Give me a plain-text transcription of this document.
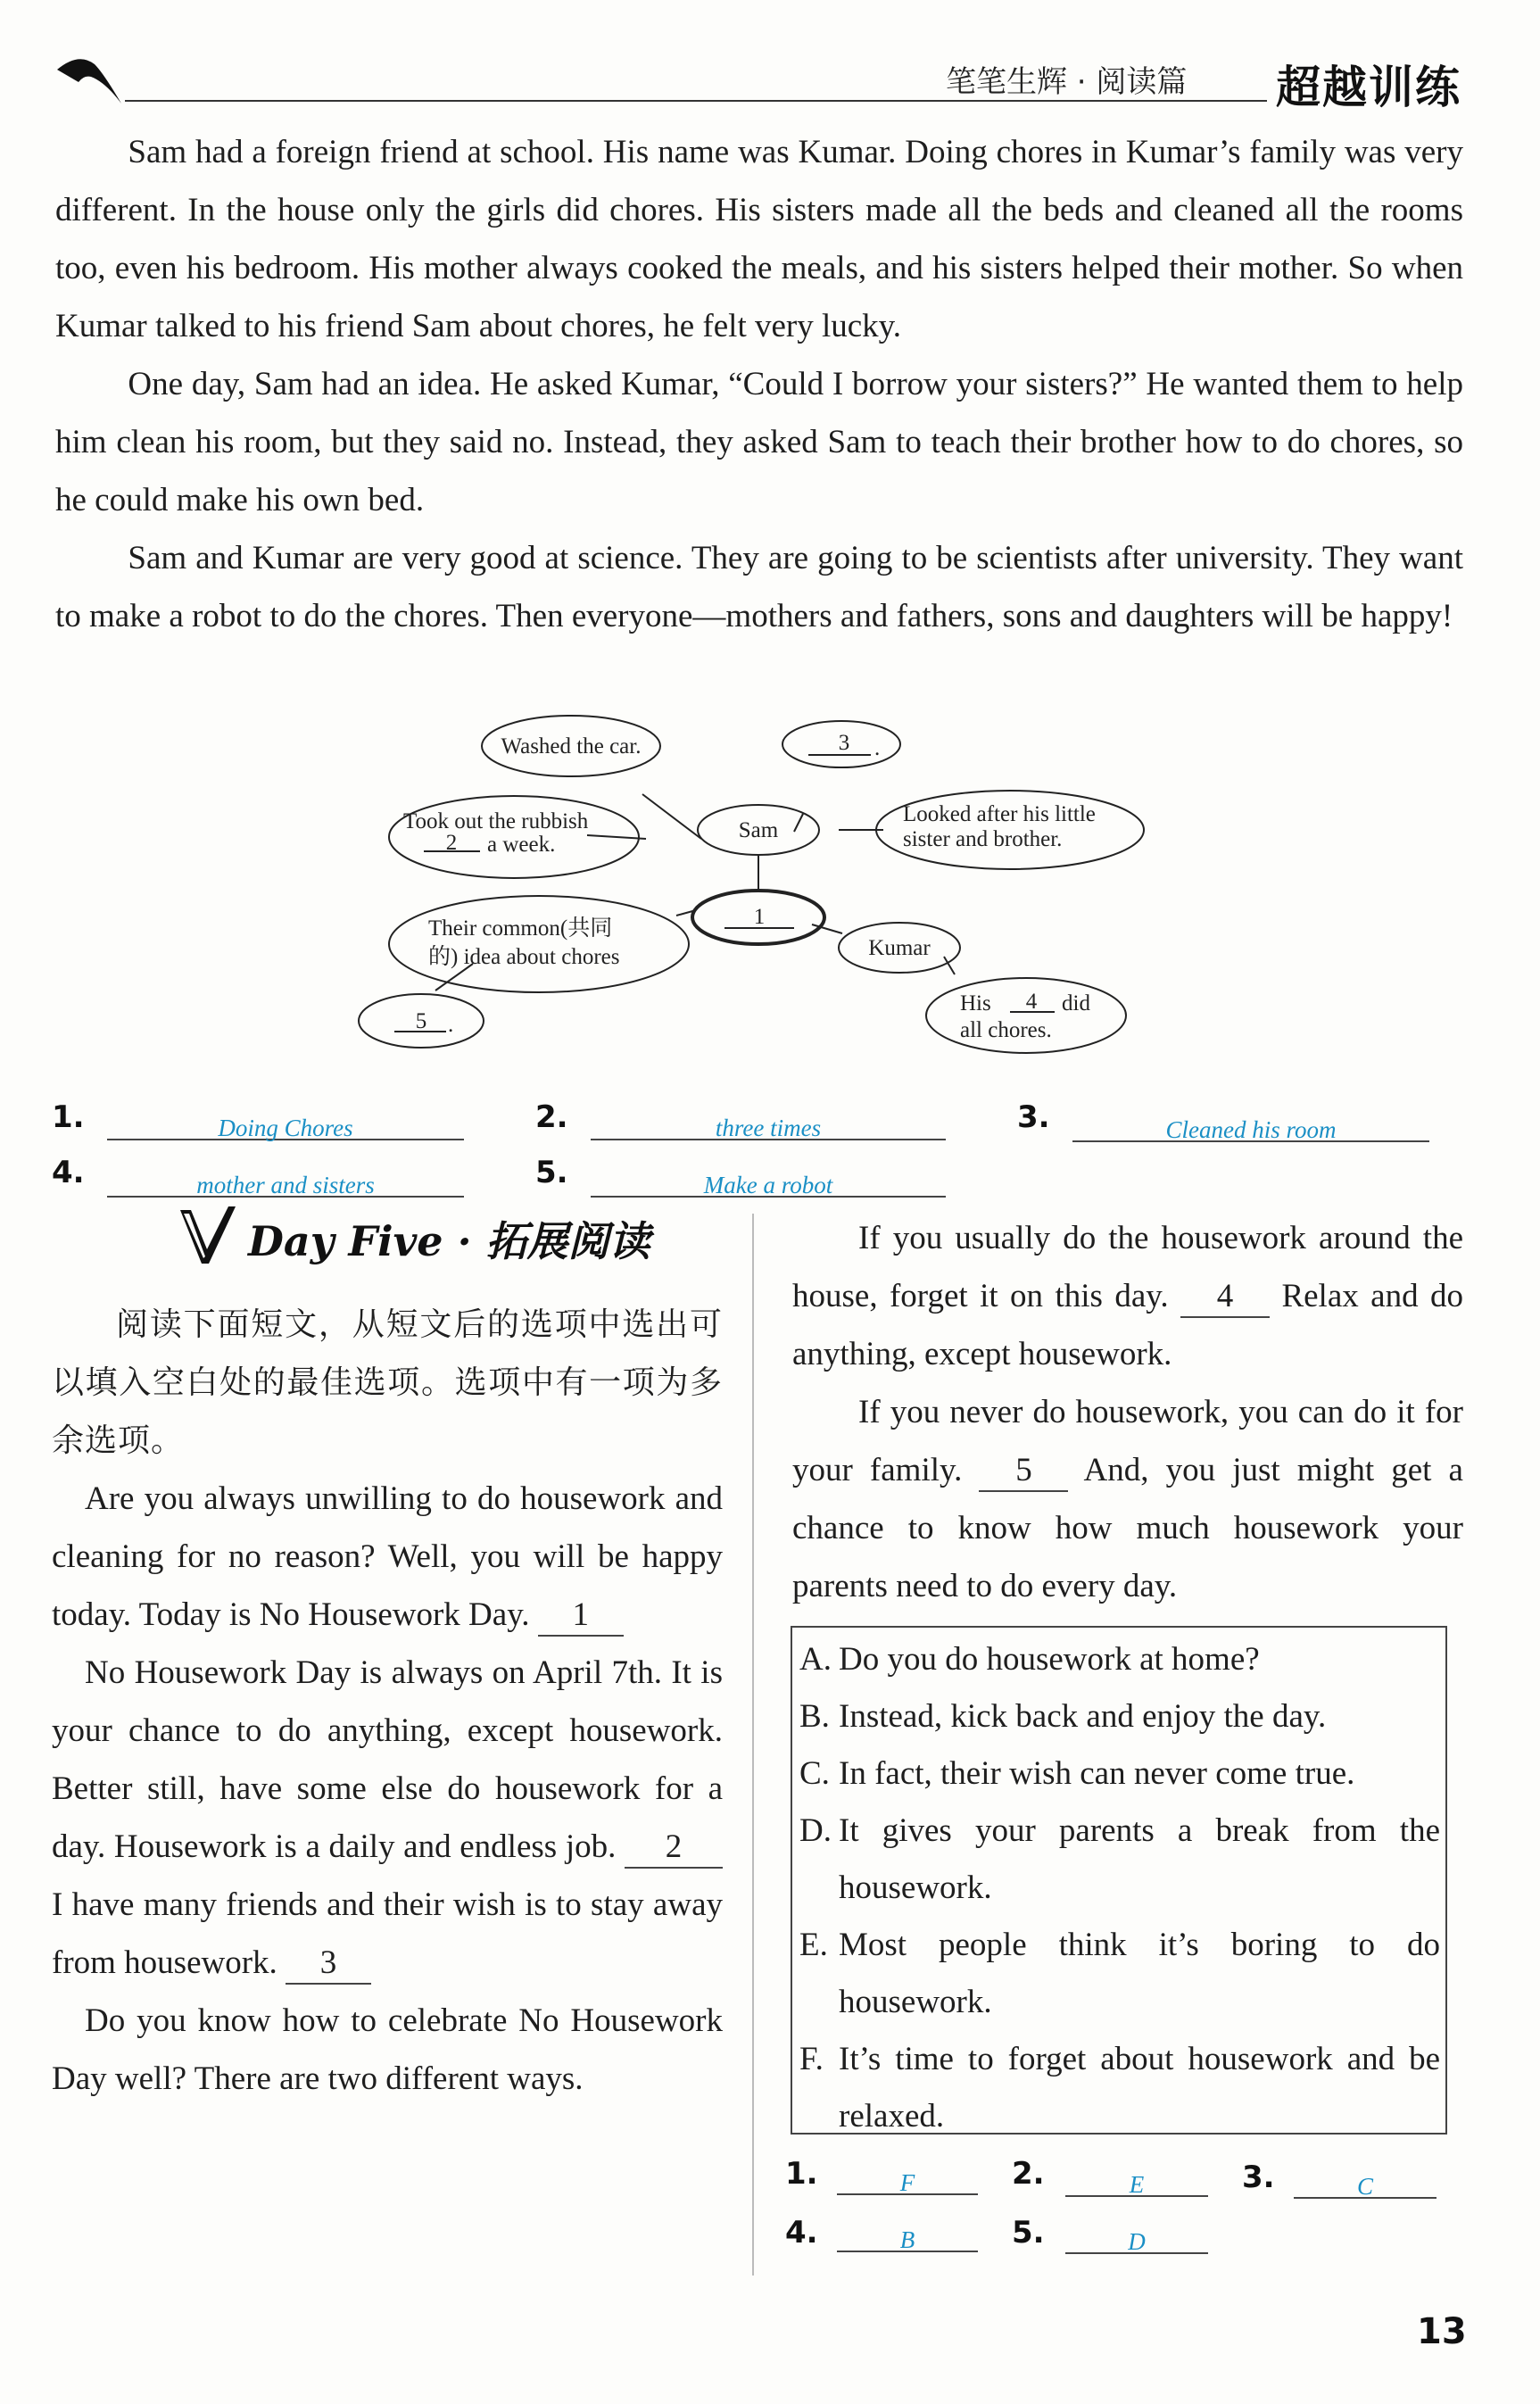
笔笔生辉 · 阅读篇 超越训练

Sam had a foreign friend at school. His name was Kumar. Doing chores in Kumar’s family was very different. In the house only the girls did chores. His sisters made all the beds and cleaned all the rooms too, even his bedroom. His mother always cooked the meals, and his sisters helped their mother. So when Kumar talked to his friend Sam about chores, he felt very lucky.

One day, Sam had an idea. He asked Kumar, “Could I borrow your sisters?” He wanted them to help him clean his room, but they said no. Instead, they asked Sam to teach their brother how to do chores, so he could make his own bed.

Sam and Kumar are very good at science. They are going to be scientists after university. They want to make a robot to do the chores. Then everyone—mothers and fathers, sons and daughters will be happy!

Washed the car.	3 .
Took out the rubbish
2 a week.
Sam
Looked after his little
sister and brother.
1
Their common(共同
的) idea about chores	Kumar
His 4 did
all chores.
5 .
1.	Doing Chores	2.	three times	3.	Cleaned his room
4.	mother and sisters	5.	Make a robot
Day Five · 拓展阅读
阅读下面短文，从短文后的选项中选出可以填入空白处的最佳选项。选项中有一项为多余选项。

Are you always unwilling to do housework and cleaning for no reason? Well, you will be happy today. Today is No Housework Day. 1

No Housework Day is always on April 7th. It is your chance to do anything, except housework. Better still, have some else do housework for a day. Housework is a daily and endless job. 2 I have many friends and their wish is to stay away from housework. 3

Do you know how to celebrate No Housework Day well? There are two different ways.

If you usually do the housework around the house, forget it on this day. 4 Relax and do anything, except housework.

If you never do housework, you can do it for your family. 5 And, you just might get a chance to know how much housework your parents need to do every day.

A. Do you do housework at home?
B. Instead, kick back and enjoy the day.
C. In fact, their wish can never come true.
D. It gives your parents a break from the housework.
E. Most people think it’s boring to do housework.
F. It’s time to forget about housework and be relaxed.
1.	F	2.	E	3.	C
4.	B	5.	D
13
